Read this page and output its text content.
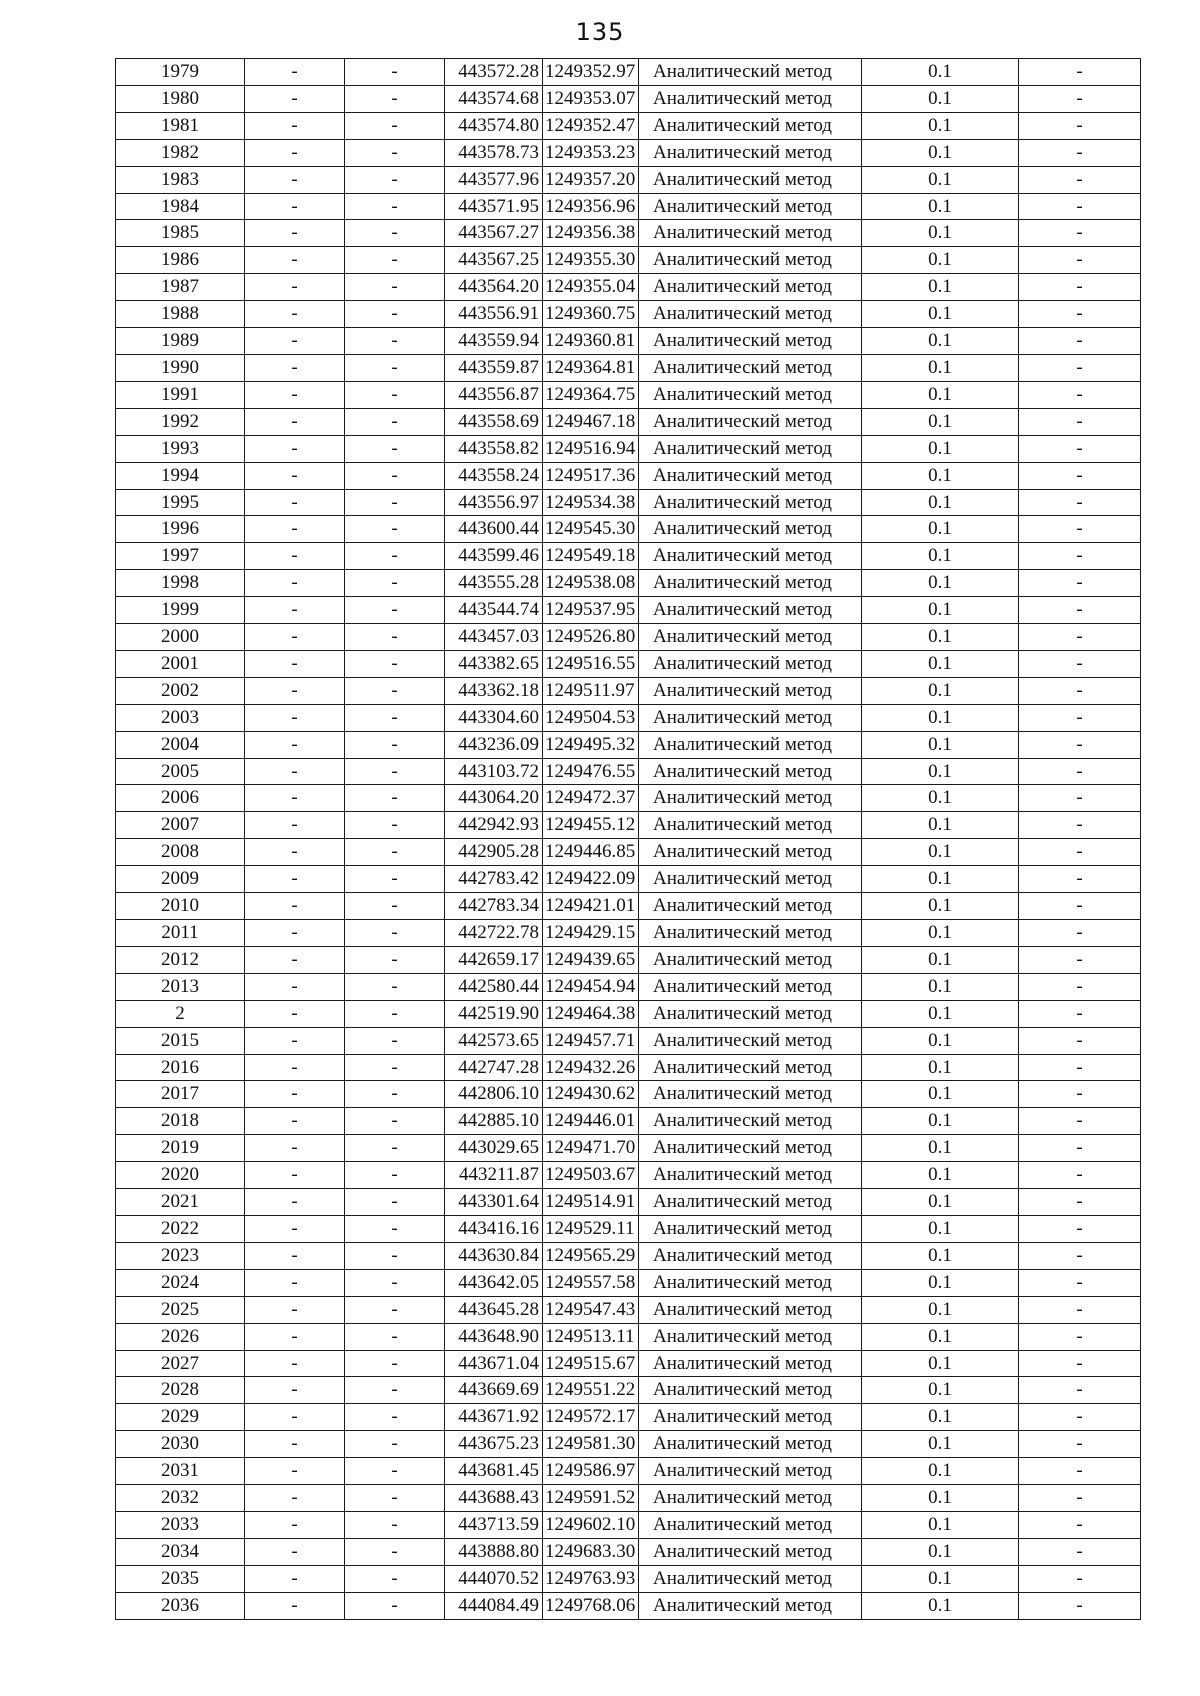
135
1979	-	-	443572.28	1249352.97	Аналитический метод	0.1	-
1980	-	-	443574.68	1249353.07	Аналитический метод	0.1	-
1981	-	-	443574.80	1249352.47	Аналитический метод	0.1	-
1982	-	-	443578.73	1249353.23	Аналитический метод	0.1	-
1983	-	-	443577.96	1249357.20	Аналитический метод	0.1	-
1984	-	-	443571.95	1249356.96	Аналитический метод	0.1	-
1985	-	-	443567.27	1249356.38	Аналитический метод	0.1	-
1986	-	-	443567.25	1249355.30	Аналитический метод	0.1	-
1987	-	-	443564.20	1249355.04	Аналитический метод	0.1	-
1988	-	-	443556.91	1249360.75	Аналитический метод	0.1	-
1989	-	-	443559.94	1249360.81	Аналитический метод	0.1	-
1990	-	-	443559.87	1249364.81	Аналитический метод	0.1	-
1991	-	-	443556.87	1249364.75	Аналитический метод	0.1	-
1992	-	-	443558.69	1249467.18	Аналитический метод	0.1	-
1993	-	-	443558.82	1249516.94	Аналитический метод	0.1	-
1994	-	-	443558.24	1249517.36	Аналитический метод	0.1	-
1995	-	-	443556.97	1249534.38	Аналитический метод	0.1	-
1996	-	-	443600.44	1249545.30	Аналитический метод	0.1	-
1997	-	-	443599.46	1249549.18	Аналитический метод	0.1	-
1998	-	-	443555.28	1249538.08	Аналитический метод	0.1	-
1999	-	-	443544.74	1249537.95	Аналитический метод	0.1	-
2000	-	-	443457.03	1249526.80	Аналитический метод	0.1	-
2001	-	-	443382.65	1249516.55	Аналитический метод	0.1	-
2002	-	-	443362.18	1249511.97	Аналитический метод	0.1	-
2003	-	-	443304.60	1249504.53	Аналитический метод	0.1	-
2004	-	-	443236.09	1249495.32	Аналитический метод	0.1	-
2005	-	-	443103.72	1249476.55	Аналитический метод	0.1	-
2006	-	-	443064.20	1249472.37	Аналитический метод	0.1	-
2007	-	-	442942.93	1249455.12	Аналитический метод	0.1	-
2008	-	-	442905.28	1249446.85	Аналитический метод	0.1	-
2009	-	-	442783.42	1249422.09	Аналитический метод	0.1	-
2010	-	-	442783.34	1249421.01	Аналитический метод	0.1	-
2011	-	-	442722.78	1249429.15	Аналитический метод	0.1	-
2012	-	-	442659.17	1249439.65	Аналитический метод	0.1	-
2013	-	-	442580.44	1249454.94	Аналитический метод	0.1	-
2	-	-	442519.90	1249464.38	Аналитический метод	0.1	-
2015	-	-	442573.65	1249457.71	Аналитический метод	0.1	-
2016	-	-	442747.28	1249432.26	Аналитический метод	0.1	-
2017	-	-	442806.10	1249430.62	Аналитический метод	0.1	-
2018	-	-	442885.10	1249446.01	Аналитический метод	0.1	-
2019	-	-	443029.65	1249471.70	Аналитический метод	0.1	-
2020	-	-	443211.87	1249503.67	Аналитический метод	0.1	-
2021	-	-	443301.64	1249514.91	Аналитический метод	0.1	-
2022	-	-	443416.16	1249529.11	Аналитический метод	0.1	-
2023	-	-	443630.84	1249565.29	Аналитический метод	0.1	-
2024	-	-	443642.05	1249557.58	Аналитический метод	0.1	-
2025	-	-	443645.28	1249547.43	Аналитический метод	0.1	-
2026	-	-	443648.90	1249513.11	Аналитический метод	0.1	-
2027	-	-	443671.04	1249515.67	Аналитический метод	0.1	-
2028	-	-	443669.69	1249551.22	Аналитический метод	0.1	-
2029	-	-	443671.92	1249572.17	Аналитический метод	0.1	-
2030	-	-	443675.23	1249581.30	Аналитический метод	0.1	-
2031	-	-	443681.45	1249586.97	Аналитический метод	0.1	-
2032	-	-	443688.43	1249591.52	Аналитический метод	0.1	-
2033	-	-	443713.59	1249602.10	Аналитический метод	0.1	-
2034	-	-	443888.80	1249683.30	Аналитический метод	0.1	-
2035	-	-	444070.52	1249763.93	Аналитический метод	0.1	-
2036	-	-	444084.49	1249768.06	Аналитический метод	0.1	-
